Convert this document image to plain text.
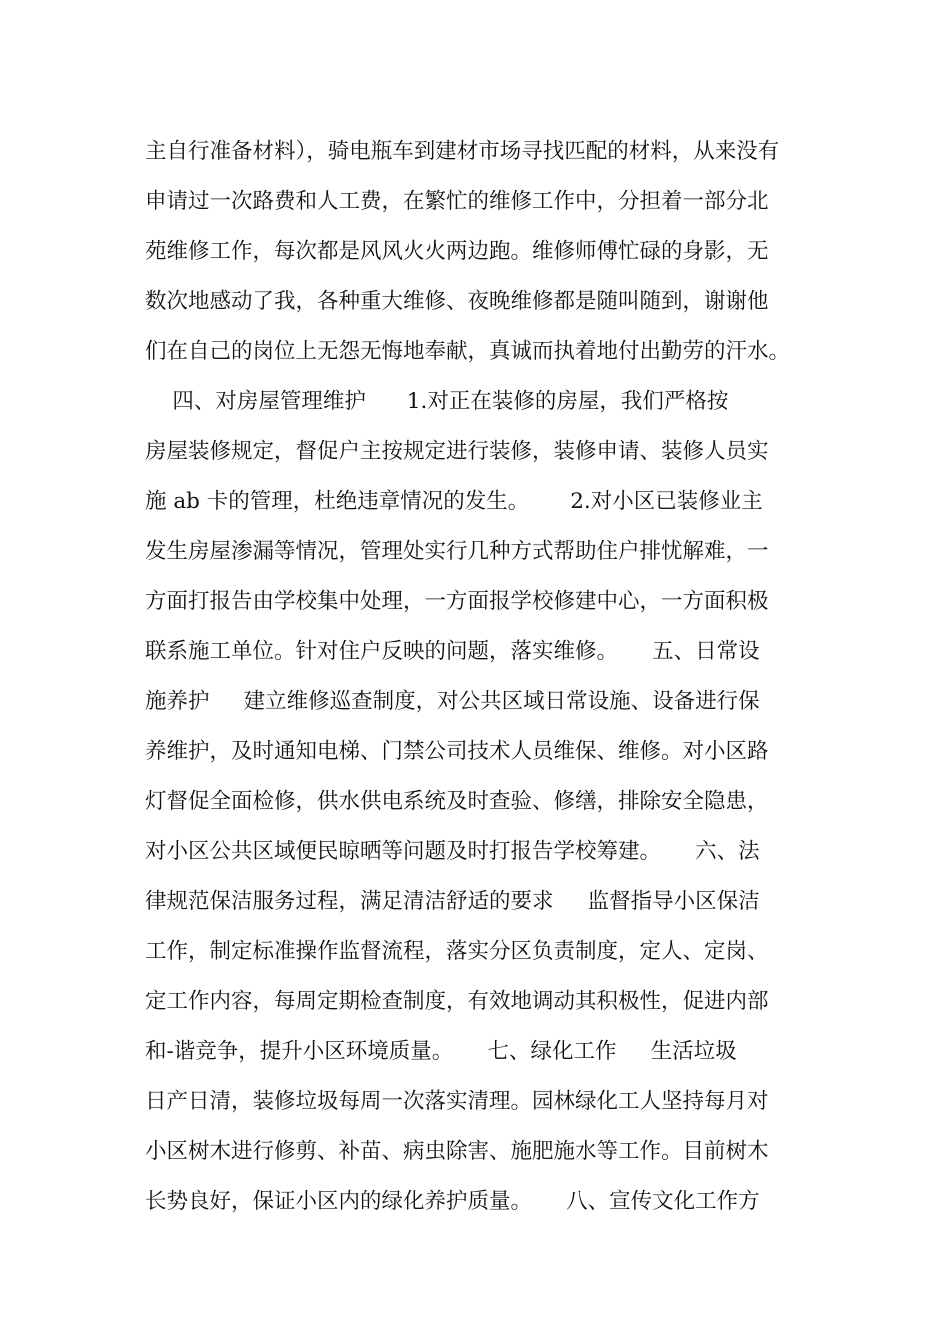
主自行准备材料），骑电瓶车到建材市场寻找匹配的材料，从来没有
申请过一次路费和人工费，在繁忙的维修工作中，分担着一部分北
苑维修工作，每次都是风风火火两边跑。维修师傅忙碌的身影，无
数次地感动了我，各种重大维修、夜晚维修都是随叫随到，谢谢他
们在自己的岗位上无怨无悔地奉献，真诚而执着地付出勤劳的汗水。
四、对房屋管理维护      1.对正在装修的房屋，我们严格按
房屋装修规定，督促户主按规定进行装修，装修申请、装修人员实
施 ab 卡的管理，杜绝违章情况的发生。      2.对小区已装修业主
发生房屋渗漏等情况，管理处实行几种方式帮助住户排忧解难，一
方面打报告由学校集中处理，一方面报学校修建中心，一方面积极
联系施工单位。针对住户反映的问题，落实维修。     五、日常设
施养护     建立维修巡查制度，对公共区域日常设施、设备进行保
养维护，及时通知电梯、门禁公司技术人员维保、维修。对小区路
灯督促全面检修，供水供电系统及时查验、修缮，排除安全隐患，
对小区公共区域便民晾晒等问题及时打报告学校筹建。     六、法
律规范保洁服务过程，满足清洁舒适的要求     监督指导小区保洁
工作，制定标准操作监督流程，落实分区负责制度，定人、定岗、
定工作内容，每周定期检查制度，有效地调动其积极性，促进内部
和-谐竞争，提升小区环境质量。     七、绿化工作     生活垃圾
日产日清，装修垃圾每周一次落实清理。园林绿化工人坚持每月对
小区树木进行修剪、补苗、病虫除害、施肥施水等工作。目前树木
长势良好，保证小区内的绿化养护质量。     八、宣传文化工作方
